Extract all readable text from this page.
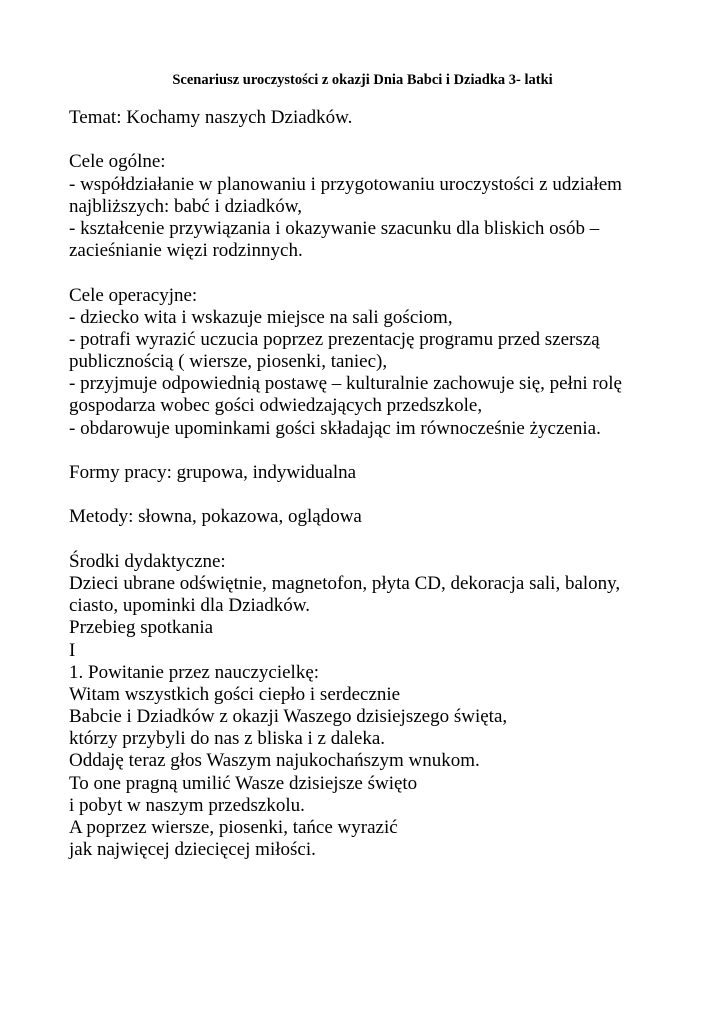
Scenariusz uroczystości z okazji Dnia Babci i Dziadka 3- latki
Temat: Kochamy naszych Dziadków.
Cele ogólne:
- współdziałanie w planowaniu i przygotowaniu uroczystości z udziałem
najbliższych: babć i dziadków,
- kształcenie przywiązania i okazywanie szacunku dla bliskich osób –
zacieśnianie więzi rodzinnych.
Cele operacyjne:
- dziecko wita i wskazuje miejsce na sali gościom,
- potrafi wyrazić uczucia poprzez prezentację programu przed szerszą
publicznością ( wiersze, piosenki, taniec),
- przyjmuje odpowiednią postawę – kulturalnie zachowuje się, pełni rolę
gospodarza wobec gości odwiedzających przedszkole,
- obdarowuje upominkami gości składając im równocześnie życzenia.
Formy pracy: grupowa, indywidualna
Metody: słowna, pokazowa, oglądowa
Środki dydaktyczne:
Dzieci ubrane odświętnie, magnetofon, płyta CD, dekoracja sali, balony,
ciasto, upominki dla Dziadków.
Przebieg spotkania
I
1. Powitanie przez nauczycielkę:
Witam wszystkich gości ciepło i serdecznie
Babcie i Dziadków z okazji Waszego dzisiejszego święta,
którzy przybyli do nas z bliska i z daleka.
Oddaję teraz głos Waszym najukochańszym wnukom.
To one pragną umilić Wasze dzisiejsze święto
i pobyt w naszym przedszkolu.
A poprzez wiersze, piosenki, tańce wyrazić
jak najwięcej dziecięcej miłości.
